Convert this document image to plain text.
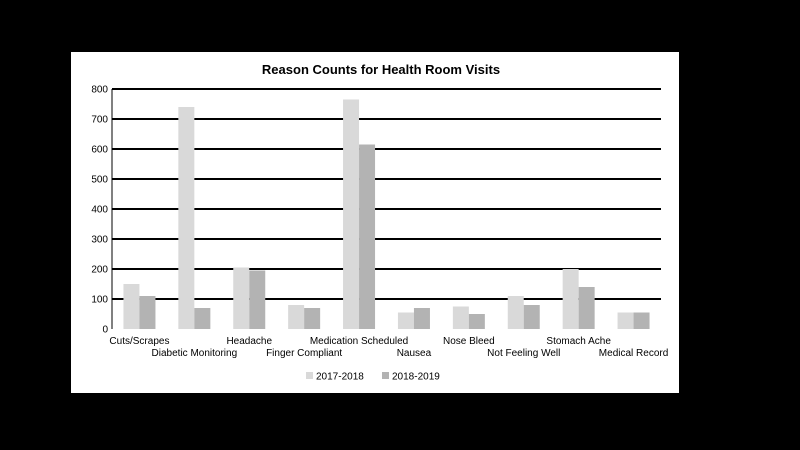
Reason Counts for Health Room Visits
0
100
200
300
400
500
600
700
800
Cuts/Scrapes
Diabetic Monitoring
Headache
Finger Compliant
Medication Scheduled
Nausea
Nose Bleed
Not Feeling Well
Stomach Ache
Medical Record
2017-2018	2018-2019
